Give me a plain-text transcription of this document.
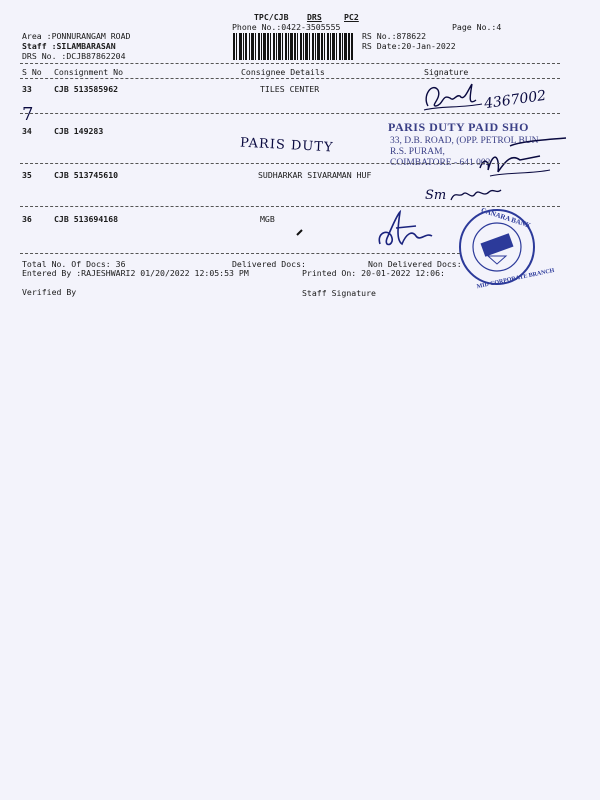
TPC/CJB DRS	PC2
Phone No.:0422-3505555	Page No.:4
Area :PONNURANGAM ROAD
Staff :SILAMBARASAN
DRS No. :DCJB87862204
RS No.:878622
RS Date:20-Jan-2022
S No Consignment No	Consignee Details	Signature
33	CJB 513585962	TILES CENTER	4367002
7
34	CJB 149283
PARIS DUTY
PARIS DUTY PAID SHO
33, D.B. ROAD, (OPP. PETROL BUN
R.S. PURAM,
COIMBATORE - 641 002
35	CJB 513745610	SUDHARKAR SIVARAMAN HUF
Sm
36	CJB 513694168	MGB	CANARA BANK
MID CORPORATE BRANCH
Total No. Of Docs: 36	Delivered Docs:	Non Delivered Docs:
Entered By :RAJESHWARI2 01/20/2022 12:05:53 PM	Printed On: 20-01-2022 12:06:
Verified By	Staff Signature
